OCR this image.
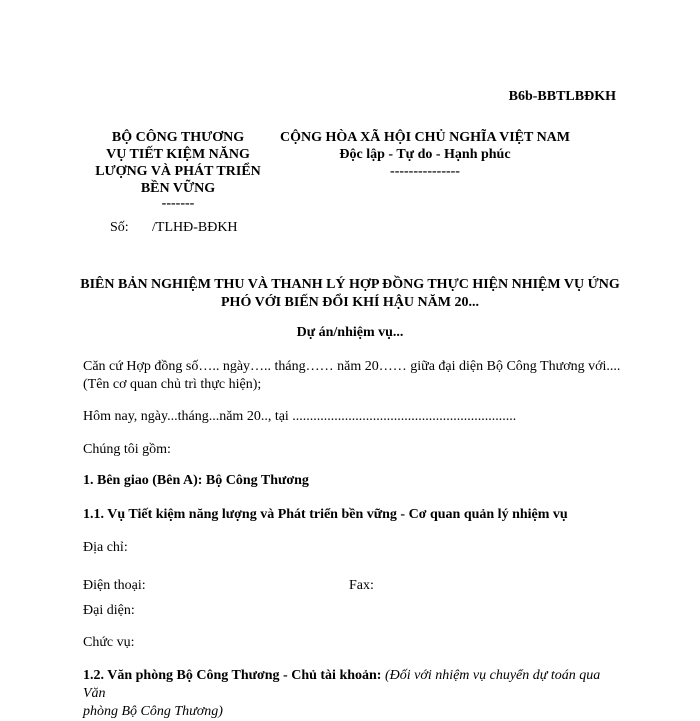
B6b-BBTLBĐKH
BỘ CÔNG THƯƠNG
VỤ TIẾT KIỆM NĂNG
LƯỢNG VÀ PHÁT TRIỂN
BỀN VỮNG
-------
CỘNG HÒA XÃ HỘI CHỦ NGHĨA VIỆT NAM
Độc lập - Tự do - Hạnh phúc
---------------
Số: /TLHĐ-BĐKH
BIÊN BẢN NGHIỆM THU VÀ THANH LÝ HỢP ĐỒNG THỰC HIỆN NHIỆM VỤ ỨNG
PHÓ VỚI BIẾN ĐỔI KHÍ HẬU NĂM 20...
Dự án/nhiệm vụ...
Căn cứ Hợp đồng số….. ngày….. tháng…… năm 20…… giữa đại diện Bộ Công Thương với....
(Tên cơ quan chủ trì thực hiện);
Hôm nay, ngày...tháng...năm 20.., tại ................................................................
Chúng tôi gồm:
1. Bên giao (Bên A): Bộ Công Thương
1.1. Vụ Tiết kiệm năng lượng và Phát triển bền vững - Cơ quan quản lý nhiệm vụ
Địa chỉ:
Điện thoại:	Fax:
Đại diện:
Chức vụ:
1.2. Văn phòng Bộ Công Thương - Chủ tài khoản: (Đối với nhiệm vụ chuyển dự toán qua Văn
phòng Bộ Công Thương)
